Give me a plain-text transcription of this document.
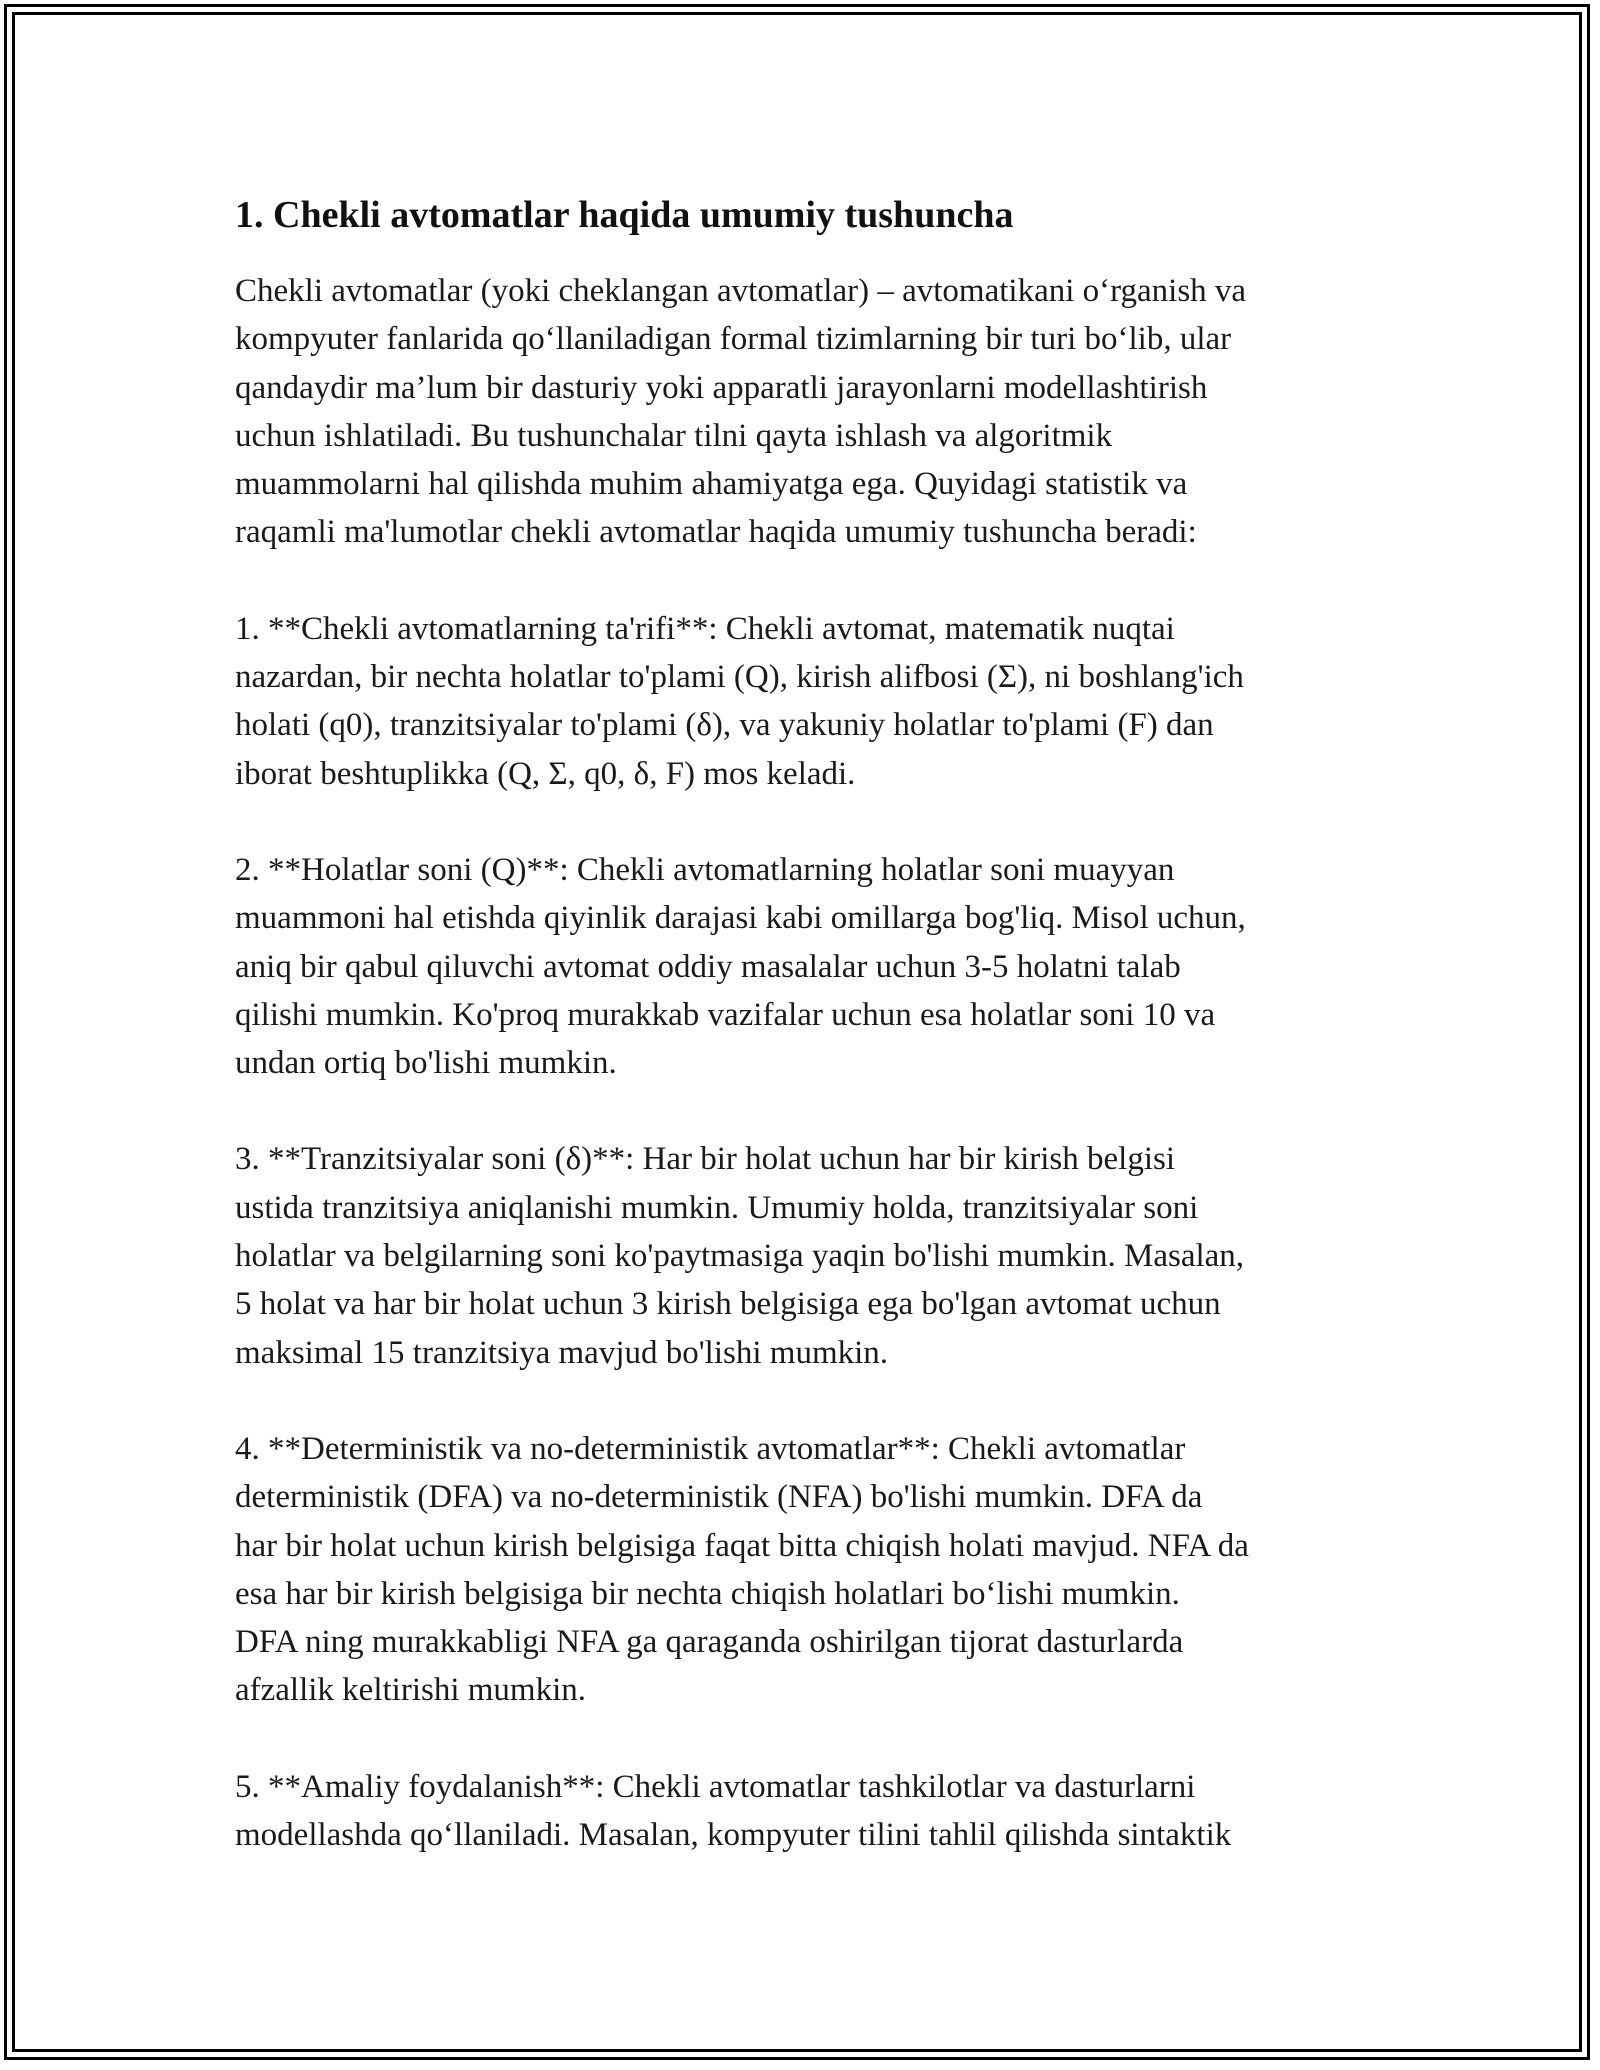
1. Chekli avtomatlar haqida umumiy tushuncha

Chekli avtomatlar (yoki cheklangan avtomatlar) – avtomatikani o‘rganish va
kompyuter fanlarida qo‘llaniladigan formal tizimlarning bir turi bo‘lib, ular
qandaydir ma’lum bir dasturiy yoki apparatli jarayonlarni modellashtirish
uchun ishlatiladi. Bu tushunchalar tilni qayta ishlash va algoritmik
muammolarni hal qilishda muhim ahamiyatga ega. Quyidagi statistik va
raqamli ma'lumotlar chekli avtomatlar haqida umumiy tushuncha beradi:

1. **Chekli avtomatlarning ta'rifi**: Chekli avtomat, matematik nuqtai
nazardan, bir nechta holatlar to'plami (Q), kirish alifbosi (Σ), ni boshlang'ich
holati (q0), tranzitsiyalar to'plami (δ), va yakuniy holatlar to'plami (F) dan
iborat beshtuplikka (Q, Σ, q0, δ, F) mos keladi.

2. **Holatlar soni (Q)**: Chekli avtomatlarning holatlar soni muayyan
muammoni hal etishda qiyinlik darajasi kabi omillarga bog'liq. Misol uchun,
aniq bir qabul qiluvchi avtomat oddiy masalalar uchun 3-5 holatni talab
qilishi mumkin. Ko'proq murakkab vazifalar uchun esa holatlar soni 10 va
undan ortiq bo'lishi mumkin.

3. **Tranzitsiyalar soni (δ)**: Har bir holat uchun har bir kirish belgisi
ustida tranzitsiya aniqlanishi mumkin. Umumiy holda, tranzitsiyalar soni
holatlar va belgilarning soni ko'paytmasiga yaqin bo'lishi mumkin. Masalan,
5 holat va har bir holat uchun 3 kirish belgisiga ega bo'lgan avtomat uchun
maksimal 15 tranzitsiya mavjud bo'lishi mumkin.

4. **Deterministik va no-deterministik avtomatlar**: Chekli avtomatlar
deterministik (DFA) va no-deterministik (NFA) bo'lishi mumkin. DFA da
har bir holat uchun kirish belgisiga faqat bitta chiqish holati mavjud. NFA da
esa har bir kirish belgisiga bir nechta chiqish holatlari bo‘lishi mumkin.
DFA ning murakkabligi NFA ga qaraganda oshirilgan tijorat dasturlarda
afzallik keltirishi mumkin.

5. **Amaliy foydalanish**: Chekli avtomatlar tashkilotlar va dasturlarni
modellashda qo‘llaniladi. Masalan, kompyuter tilini tahlil qilishda sintaktik
